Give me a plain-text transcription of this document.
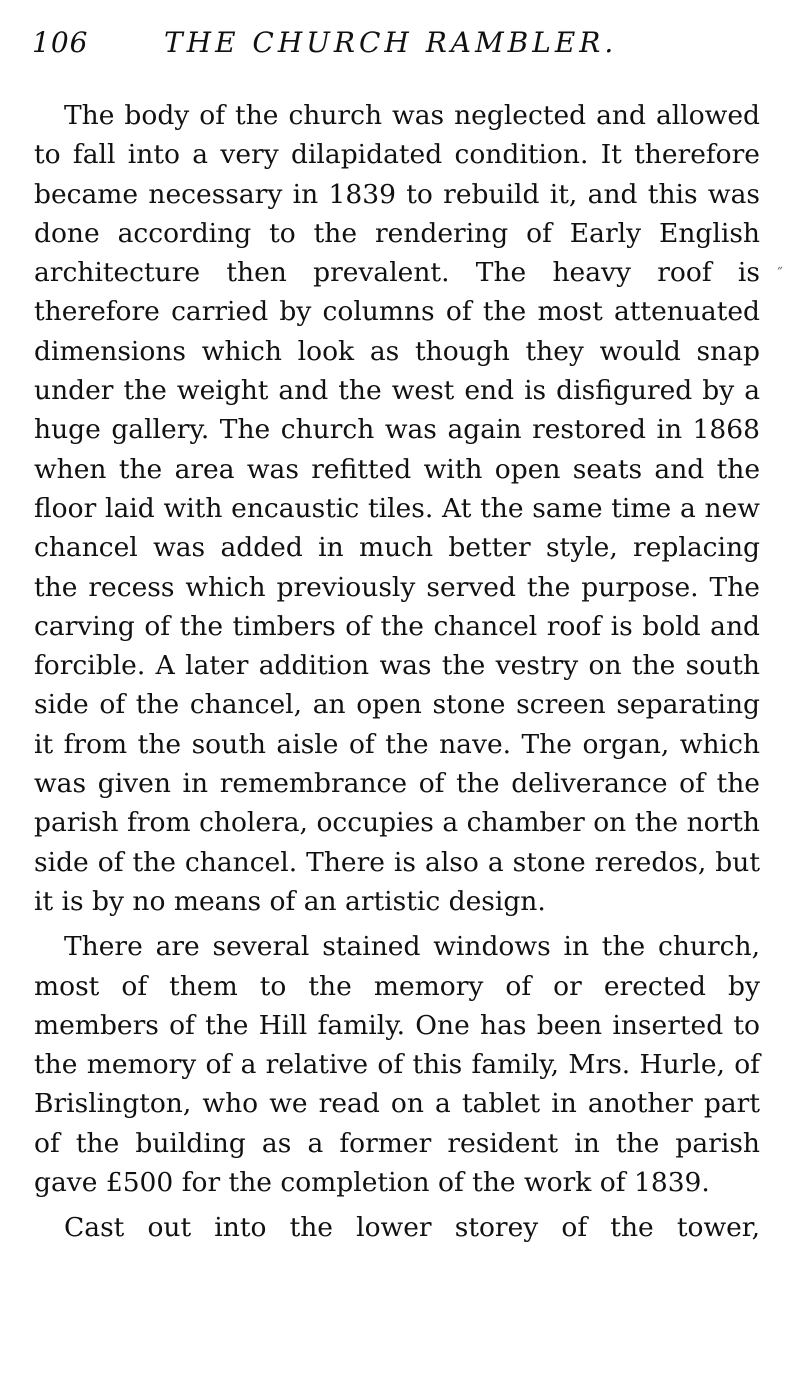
106	THE CHURCH RAMBLER.

The body of the church was neglected and allowed to fall into a very dilapidated condition. It therefore became necessary in 1839 to rebuild it, and this was done according to the rendering of Early English architecture then prevalent. The heavy roof is therefore carried by columns of the most attenuated dimensions which look as though they would snap under the weight and the west end is disfigured by a huge gallery. The church was again restored in 1868 when the area was refitted with open seats and the floor laid with encaustic tiles. At the same time a new chancel was added in much better style, replacing the recess which previously served the purpose. The carving of the timbers of the chancel roof is bold and forcible. A later addition was the vestry on the south side of the chancel, an open stone screen separating it from the south aisle of the nave. The organ, which was given in remembrance of the deliverance of the parish from cholera, occupies a chamber on the north side of the chancel. There is also a stone reredos, but it is by no means of an artistic design.

There are several stained windows in the church, most of them to the memory of or erected by members of the Hill family. One has been inserted to the memory of a relative of this family, Mrs. Hurle, of Brislington, who we read on a tablet in another part of the building as a former resident in the parish gave £500 for the completion of the work of 1839.

Cast out into the lower storey of the tower,

˝
